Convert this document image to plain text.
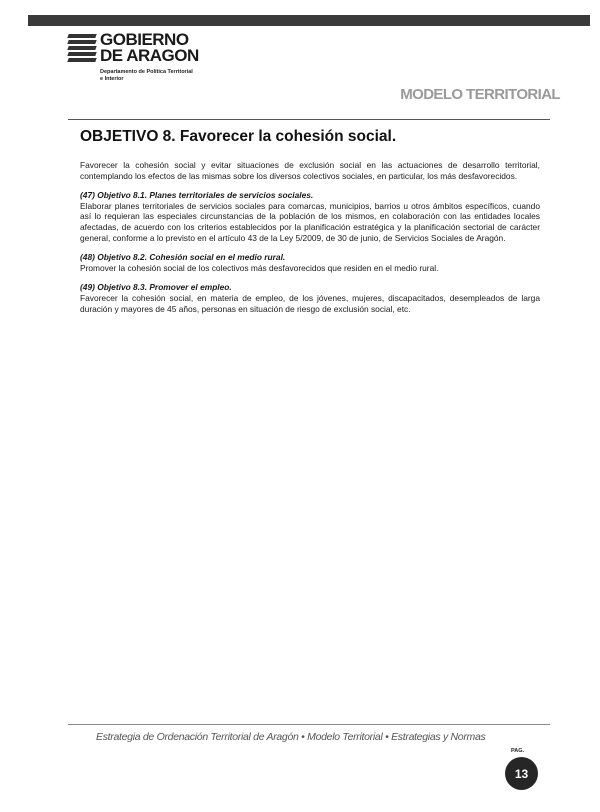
GOBIERNO
DE ARAGON
Departamento de Política Territorial
e Interior
MODELO TERRITORIAL
OBJETIVO 8. Favorecer la cohesión social.

Favorecer la cohesión social y evitar situaciones de exclusión social en las actuaciones de desarrollo territorial, contemplando los efectos de las mismas sobre los diversos colectivos sociales, en particular, los más desfavorecidos.

(47) Objetivo 8.1. Planes territoriales de servicios sociales.

Elaborar planes territoriales de servicios sociales para comarcas, municipios, barrios u otros ámbitos específicos, cuando así lo requieran las especiales circunstancias de la población de los mismos, en colaboración con las entidades locales afectadas, de acuerdo con los criterios establecidos por la planificación estratégica y la planificación sectorial de carácter general, conforme a lo previsto en el artículo 43 de la Ley 5/2009, de 30 de junio, de Servicios Sociales de Aragón.

(48) Objetivo 8.2. Cohesión social en el medio rural.

Promover la cohesión social de los colectivos más desfavorecidos que residen en el medio rural.

(49) Objetivo 8.3. Promover el empleo.

Favorecer la cohesión social, en materia de empleo, de los jóvenes, mujeres, discapacitados, desempleados de larga duración y mayores de 45 años, personas en situación de riesgo de exclusión social, etc.

Estrategia de Ordenación Territorial de Aragón • Modelo Territorial • Estrategias y Normas
PAG.
13
